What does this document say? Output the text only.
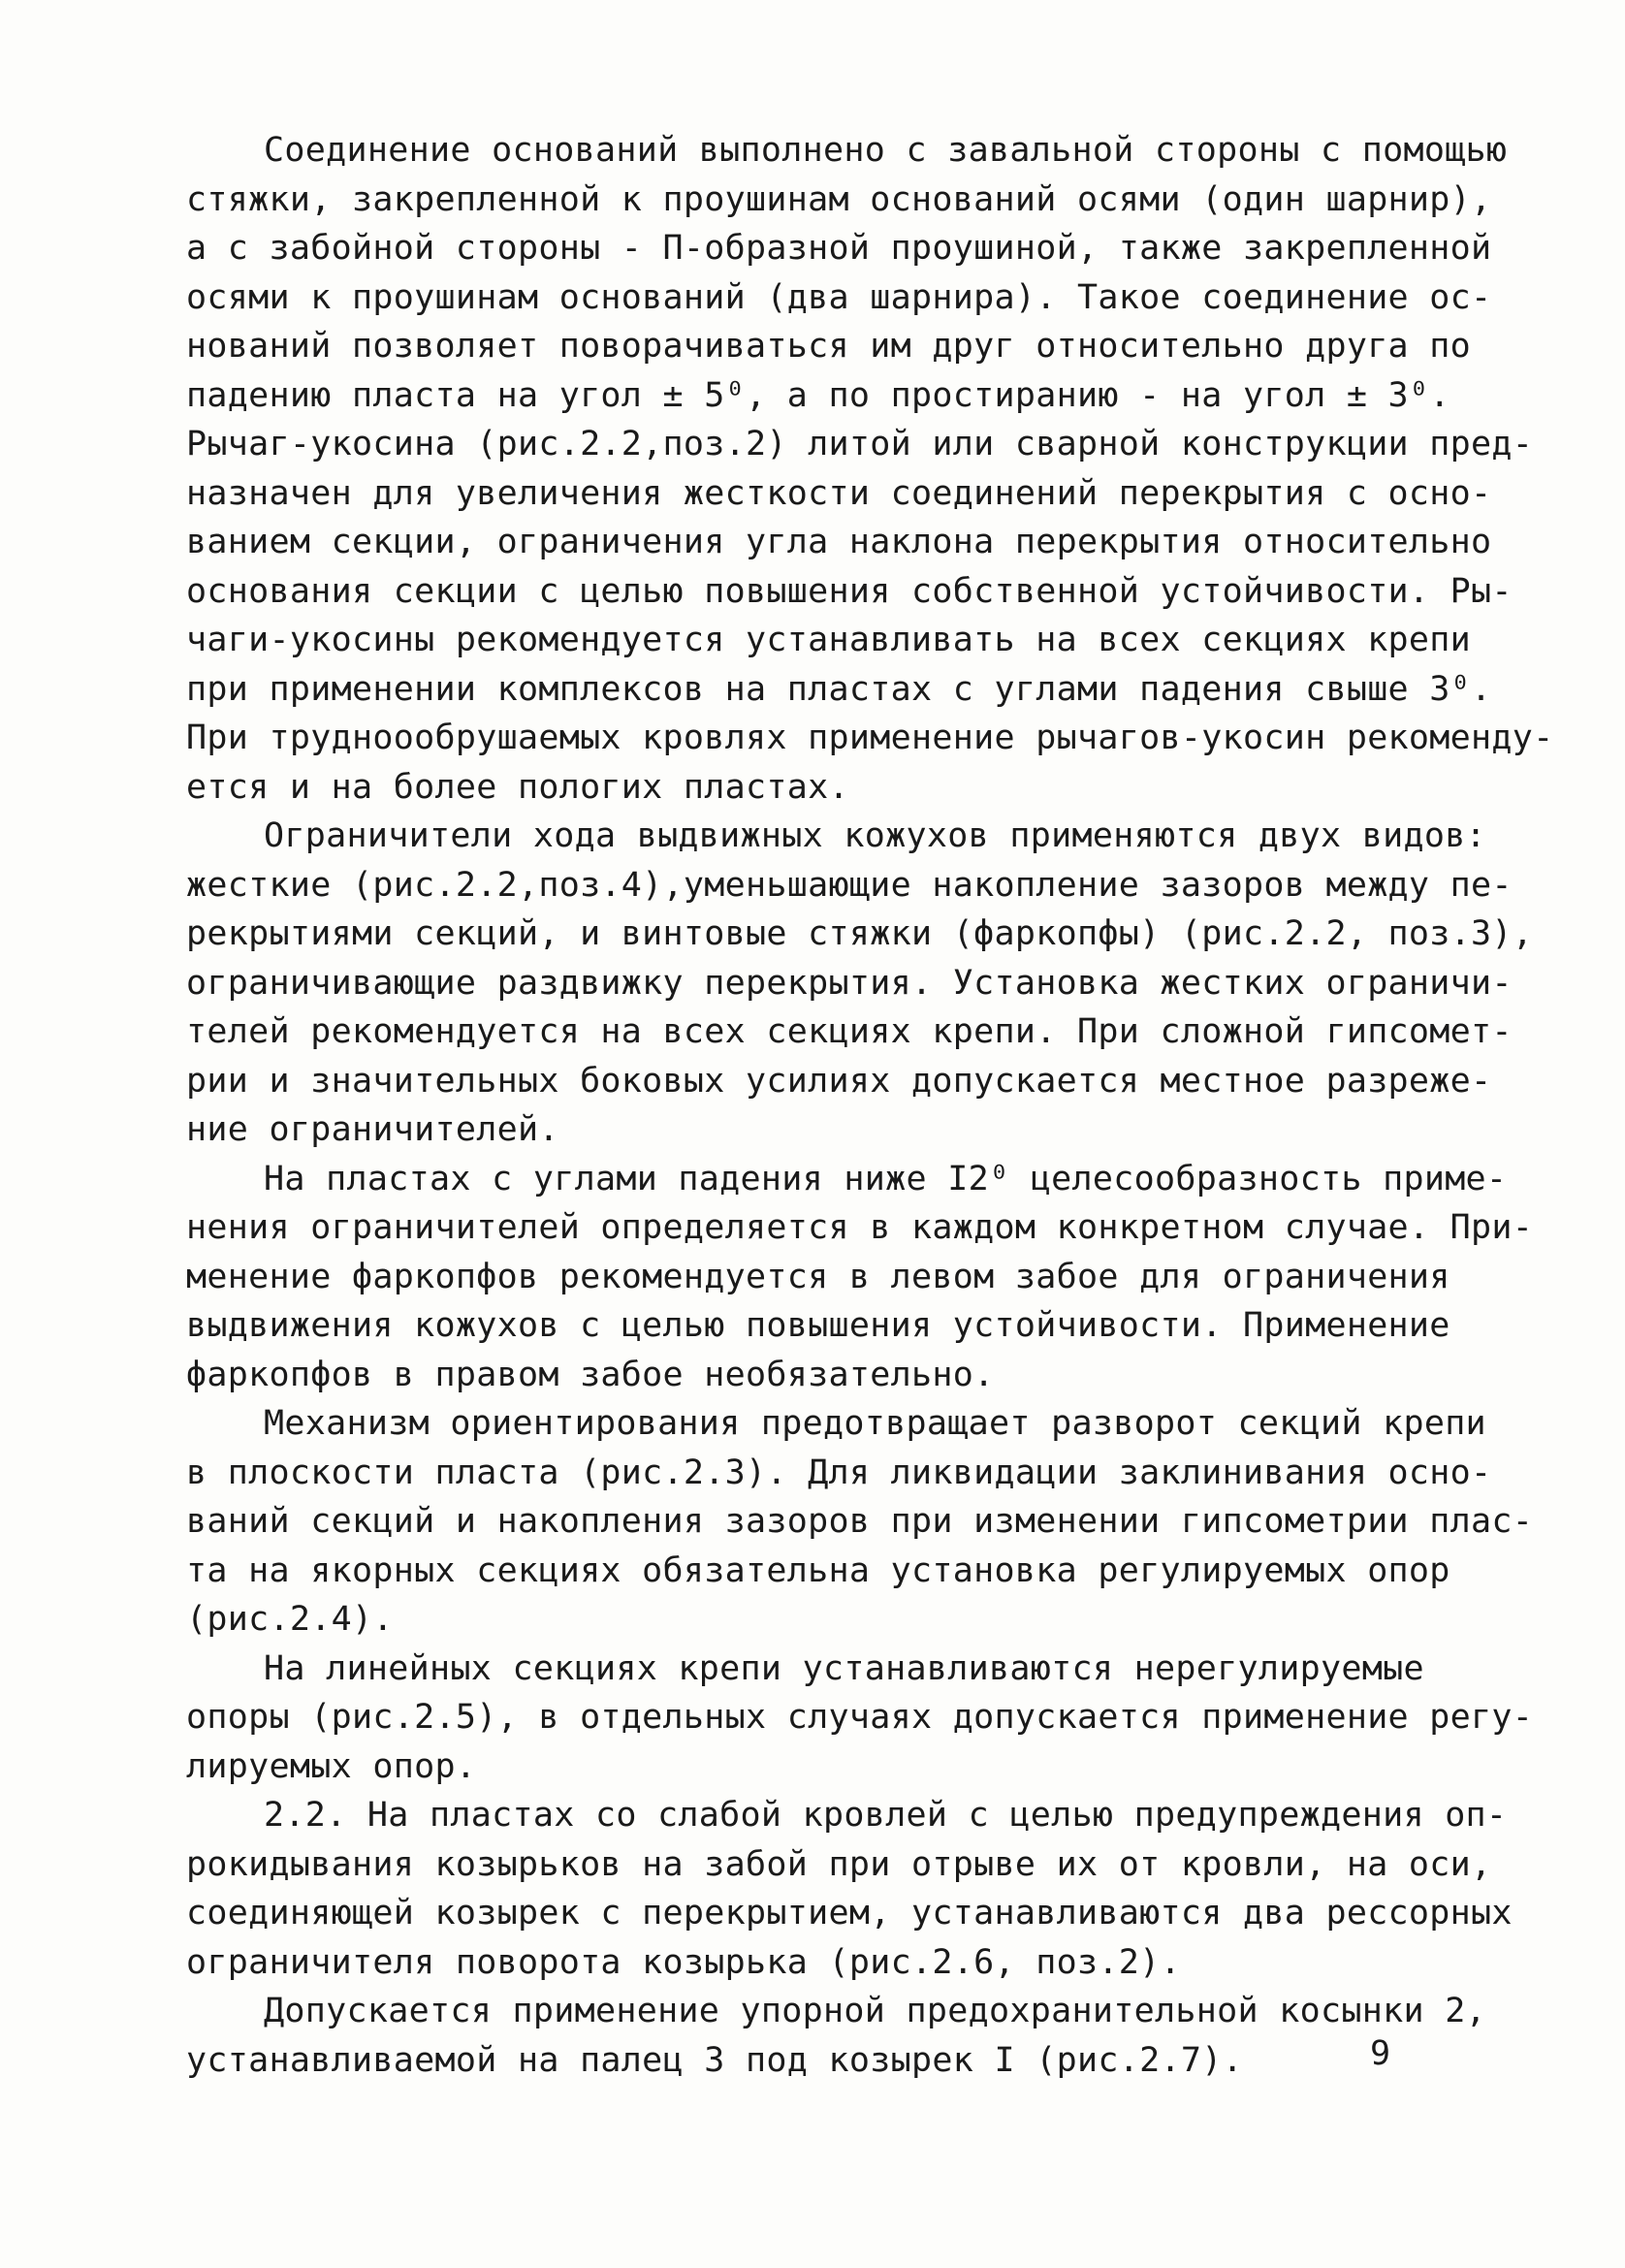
Соединение оснований выполнено с завальной стороны с помощью
стяжки, закрепленной к проушинам оснований осями (один шарнир),
а с забойной стороны - П-образной проушиной, также закрепленной
осями к проушинам оснований (два шарнира). Такое соединение ос-
нований позволяет поворачиваться им друг относительно друга по
падению пласта на угол ± 5⁰, а по простиранию - на угол ± 3⁰.
Рычаг-укосина (рис.2.2,поз.2) литой или сварной конструкции пред-
назначен для увеличения жесткости соединений перекрытия с осно-
ванием секции, ограничения угла наклона перекрытия относительно
основания секции с целью повышения собственной устойчивости. Ры-
чаги-укосины рекомендуется устанавливать на всех секциях крепи
при применении комплексов на пластах с углами падения свыше 3⁰.
При трудноообрушаемых кровлях применение рычагов-укосин рекоменду-
ется и на более пологих пластах.
Ограничители хода выдвижных кожухов применяются двух видов:
жесткие (рис.2.2,поз.4),уменьшающие накопление зазоров между пе-
рекрытиями секций, и винтовые стяжки (фаркопфы) (рис.2.2, поз.3),
ограничивающие раздвижку перекрытия. Установка жестких ограничи-
телей рекомендуется на всех секциях крепи. При сложной гипсомет-
рии и значительных боковых усилиях допускается местное разреже-
ние ограничителей.
На пластах с углами падения ниже I2⁰ целесообразность приме-
нения ограничителей определяется в каждом конкретном случае. При-
менение фаркопфов рекомендуется в левом забое для ограничения
выдвижения кожухов с целью повышения устойчивости. Применение
фаркопфов в правом забое необязательно.
Механизм ориентирования предотвращает разворот секций крепи
в плоскости пласта (рис.2.3). Для ликвидации заклинивания осно-
ваний секций и накопления зазоров при изменении гипсометрии плас-
та на якорных секциях обязательна установка регулируемых опор
(рис.2.4).
На линейных секциях крепи устанавливаются нерегулируемые
опоры (рис.2.5), в отдельных случаях допускается применение регу-
лируемых опор.
2.2. На пластах со слабой кровлей с целью предупреждения оп-
рокидывания козырьков на забой при отрыве их от кровли, на оси,
соединяющей козырек с перекрытием, устанавливаются два рессорных
ограничителя поворота козырька (рис.2.6, поз.2).
Допускается применение упорной предохранительной косынки 2,
устанавливаемой на палец 3 под козырек I (рис.2.7).	9
